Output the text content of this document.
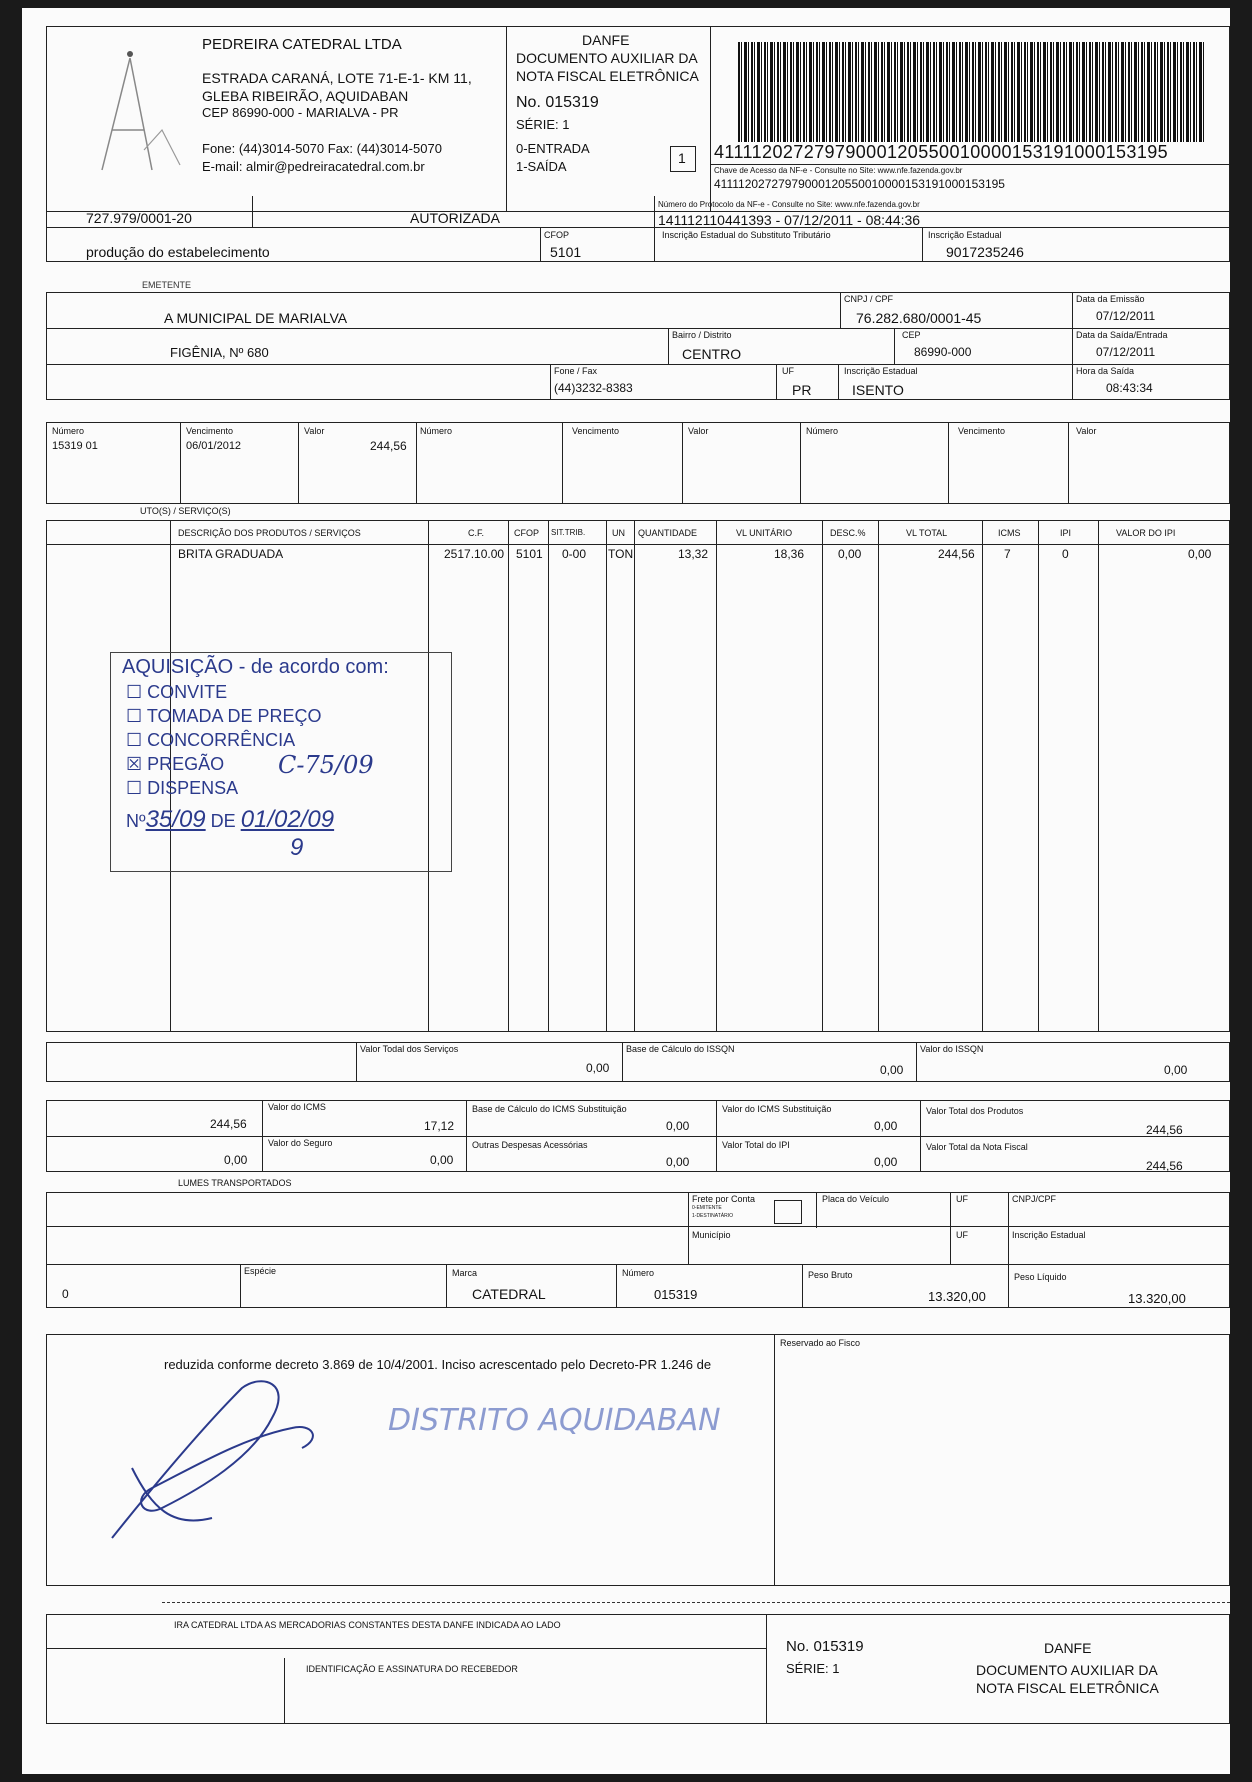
PEDREIRA CATEDRAL LTDA
ESTRADA CARANÁ, LOTE 71-E-1- KM 11,
GLEBA RIBEIRÃO, AQUIDABAN
CEP 86990-000 - MARIALVA - PR
Fone: (44)3014-5070 Fax: (44)3014-5070
E-mail: almir@pedreiracatedral.com.br
DANFE
DOCUMENTO AUXILIAR DA
NOTA FISCAL ELETRÔNICA
No. 015319
SÉRIE: 1
0-ENTRADA
1-SAÍDA
1 41111202727979000120550010000153191000153195
Chave de Acesso da NF-e - Consulte no Site: www.nfe.fazenda.gov.br
41111202727979000120550010000153191000153195
727.979/0001-20	AUTORIZADA
Número do Protocolo da NF-e - Consulte no Site: www.nfe.fazenda.gov.br
141112110441393 - 07/12/2011 - 08:44:36
produção do estabelecimento
CFOP
5101
Inscrição Estadual do Substituto Tributário	Inscrição Estadual
9017235246
EMETENTE
CNPJ / CPF
76.282.680/0001-45
Data da Emissão
07/12/2011
A MUNICIPAL DE MARIALVA
FIGÊNIA, Nº 680
Bairro / Distrito
CENTRO
CEP
86990-000
Data da Saída/Entrada
07/12/2011
Fone / Fax
(44)3232-8383
UF
PR
Inscrição Estadual
ISENTO
Hora da Saída
08:43:34
Número	Vencimento	Valor	Número	Vencimento	Valor	Número	Vencimento	Valor
15319 01	06/01/2012	244,56
UTO(S) / SERVIÇO(S)
DESCRIÇÃO DOS PRODUTOS / SERVIÇOS	C.F.	CFOP SIT.TRIB.	UN QUANTIDADE	VL UNITÁRIO	DESC.%	VL TOTAL	ICMS	IPI	VALOR DO IPI
BRITA GRADUADA	2517.10.00 5101 0-00 TON	13,32	18,36	0,00	244,56 7	0	0,00
AQUISIÇÃO - de acordo com:
☐ CONVITE
☐ TOMADA DE PREÇO
☐ CONCORRÊNCIA
☒ PREGÃO C-75/09
☐ DISPENSA
Nº35/09 DE 01/02/09
9
Valor Todal dos Serviços	Base de Cálculo do ISSQN	Valor do ISSQN
0,00	0,00	0,00
Valor do ICMS	Base de Cálculo do ICMS Substituição	Valor do ICMS Substituição	Valor Total dos Produtos
244,56	17,12	0,00	0,00	244,56
Valor do Seguro	Outras Despesas Acessórias	Valor Total do IPI	Valor Total da Nota Fiscal
0,00	0,00	0,00	0,00	244,56
LUMES TRANSPORTADOS
Frete por Conta
0-EMITENTE
1-DESTINATÁRIO
Placa do Veículo	UF	CNPJ/CPF
Município	UF	Inscrição Estadual
Espécie	Marca	Número	Peso Bruto	Peso Líquido
0	CATEDRAL	015319	13.320,00	13.320,00
Reservado ao Fisco
reduzida conforme decreto 3.869 de 10/4/2001. Inciso acrescentado pelo Decreto-PR 1.246 de
DISTRITO AQUIDABAN
IRA CATEDRAL LTDA AS MERCADORIAS CONSTANTES DESTA DANFE INDICADA AO LADO
IDENTIFICAÇÃO E ASSINATURA DO RECEBEDOR
No. 015319
SÉRIE: 1
DANFE
DOCUMENTO AUXILIAR DA
NOTA FISCAL ELETRÔNICA
